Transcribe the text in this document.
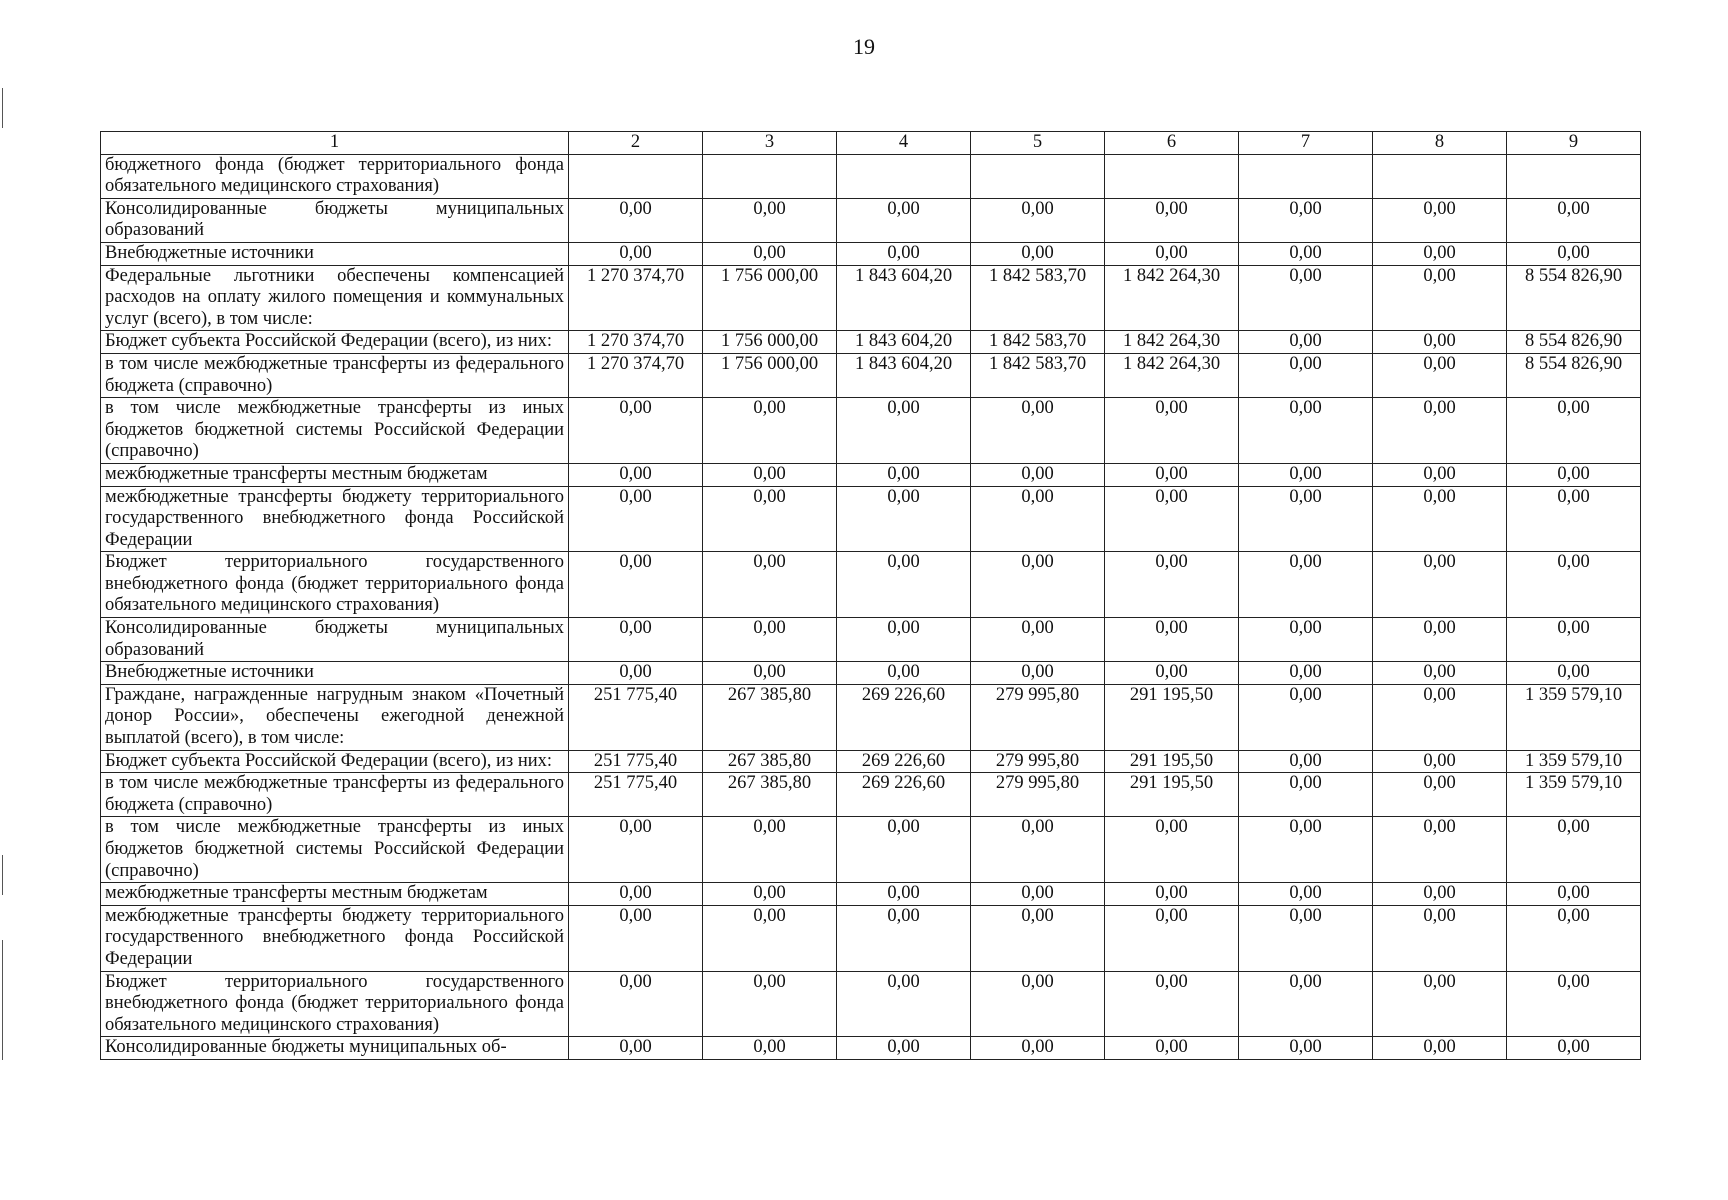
19
1	2	3	4	5	6	7	8	9
бюджетного фонда (бюджет территориального фонда обязательного медицинского страхования)								
Консолидированные бюджеты муниципальных образований	0,00	0,00	0,00	0,00	0,00	0,00	0,00	0,00
Внебюджетные источники	0,00	0,00	0,00	0,00	0,00	0,00	0,00	0,00
Федеральные льготники обеспечены компенсацией расходов на оплату жилого помещения и коммунальных услуг (всего), в том числе:	1 270 374,70	1 756 000,00	1 843 604,20	1 842 583,70	1 842 264,30	0,00	0,00	8 554 826,90
Бюджет субъекта Российской Федерации (всего), из них:	1 270 374,70	1 756 000,00	1 843 604,20	1 842 583,70	1 842 264,30	0,00	0,00	8 554 826,90
в том числе межбюджетные трансферты из федерального бюджета (справочно)	1 270 374,70	1 756 000,00	1 843 604,20	1 842 583,70	1 842 264,30	0,00	0,00	8 554 826,90
в том числе межбюджетные трансферты из иных бюджетов бюджетной системы Российской Федерации (справочно)	0,00	0,00	0,00	0,00	0,00	0,00	0,00	0,00
межбюджетные трансферты местным бюджетам	0,00	0,00	0,00	0,00	0,00	0,00	0,00	0,00
межбюджетные трансферты бюджету территориального государственного внебюджетного фонда Российской Федерации	0,00	0,00	0,00	0,00	0,00	0,00	0,00	0,00
Бюджет территориального государственного внебюджетного фонда (бюджет территориального фонда обязательного медицинского страхования)	0,00	0,00	0,00	0,00	0,00	0,00	0,00	0,00
Консолидированные бюджеты муниципальных образований	0,00	0,00	0,00	0,00	0,00	0,00	0,00	0,00
Внебюджетные источники	0,00	0,00	0,00	0,00	0,00	0,00	0,00	0,00
Граждане, награжденные нагрудным знаком «Почетный донор России», обеспечены ежегодной денежной выплатой (всего), в том числе:	251 775,40	267 385,80	269 226,60	279 995,80	291 195,50	0,00	0,00	1 359 579,10
Бюджет субъекта Российской Федерации (всего), из них:	251 775,40	267 385,80	269 226,60	279 995,80	291 195,50	0,00	0,00	1 359 579,10
в том числе межбюджетные трансферты из федерального бюджета (справочно)	251 775,40	267 385,80	269 226,60	279 995,80	291 195,50	0,00	0,00	1 359 579,10
в том числе межбюджетные трансферты из иных бюджетов бюджетной системы Российской Федерации (справочно)	0,00	0,00	0,00	0,00	0,00	0,00	0,00	0,00
межбюджетные трансферты местным бюджетам	0,00	0,00	0,00	0,00	0,00	0,00	0,00	0,00
межбюджетные трансферты бюджету территориального государственного внебюджетного фонда Российской Федерации	0,00	0,00	0,00	0,00	0,00	0,00	0,00	0,00
Бюджет территориального государственного внебюджетного фонда (бюджет территориального фонда обязательного медицинского страхования)	0,00	0,00	0,00	0,00	0,00	0,00	0,00	0,00
Консолидированные бюджеты муниципальных об-	0,00	0,00	0,00	0,00	0,00	0,00	0,00	0,00
